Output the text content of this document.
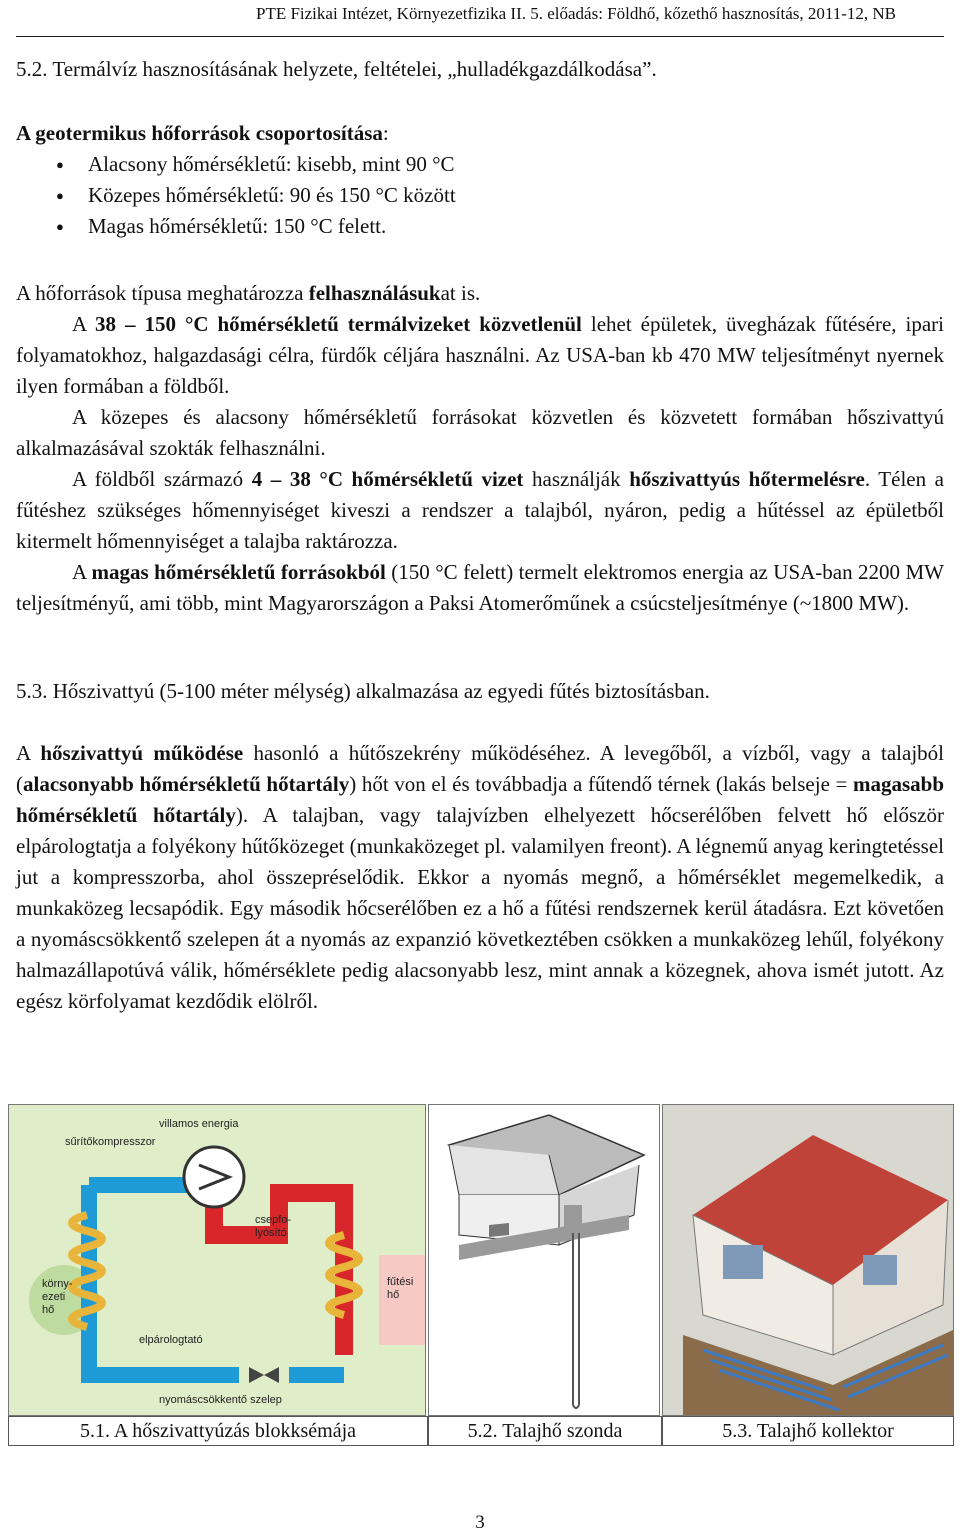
PTE Fizikai Intézet, Környezetfizika II. 5. előadás: Földhő, kőzethő hasznosítás, 2011-12, NB
5.2. Termálvíz hasznosításának helyzete, feltételei, „hulladékgazdálkodása”.
A geotermikus hőforrások csoportosítása:
● Alacsony hőmérsékletű: kisebb, mint 90 °C
● Közepes hőmérsékletű: 90 és 150 °C között
● Magas hőmérsékletű: 150 °C felett.
A hőforrások típusa meghatározza felhasználásukat is.
A 38 – 150 °C hőmérsékletű termálvizeket közvetlenül lehet épületek, üvegházak fűtésére, ipari folyamatokhoz, halgazdasági célra, fürdők céljára használni. Az USA-ban kb 470 MW teljesítményt nyernek ilyen formában a földből.
A közepes és alacsony hőmérsékletű forrásokat közvetlen és közvetett formában hőszivattyú alkalmazásával szokták felhasználni.
A földből származó 4 – 38 °C hőmérsékletű vizet használják hőszivattyús hőtermelésre. Télen a fűtéshez szükséges hőmennyiséget kiveszi a rendszer a talajból, nyáron, pedig a hűtéssel az épületből kitermelt hőmennyiséget a talajba raktározza.
A magas hőmérsékletű forrásokból (150 °C felett) termelt elektromos energia az USA-ban 2200 MW teljesítményű, ami több, mint Magyarországon a Paksi Atomerőműnek a csúcsteljesítménye (~1800 MW).
5.3. Hőszivattyú (5-100 méter mélység) alkalmazása az egyedi fűtés biztosításban.
A hőszivattyú működése hasonló a hűtőszekrény működéséhez. A levegőből, a vízből, vagy a talajból (alacsonyabb hőmérsékletű hőtartály) hőt von el és továbbadja a fűtendő térnek (lakás belseje = magasabb hőmérsékletű hőtartály). A talajban, vagy talajvízben elhelyezett hőcserélőben felvett hő először elpárologtatja a folyékony hűtőközeget (munkaközeget pl. valamilyen freont). A légnemű anyag keringtetéssel jut a kompresszorba, ahol összepréselődik. Ekkor a nyomás megnő, a hőmérséklet megemelkedik, a munkaközeg lecsapódik. Egy második hőcserélőben ez a hő a fűtési rendszernek kerül átadásra. Ezt követően a nyomáscsökkentő szelepen át a nyomás az expanzió következtében csökken a munkaközeg lehűl, folyékony halmazállapotúvá válik, hőmérséklete pedig alacsonyabb lesz, mint annak a közegnek, ahova ismét jutott. Az egész körfolyamat kezdődik elölről.
villamos energia
sűrítőkompresszor
csepfo-
lyósító
körny-
ezeti
hő
fűtési
hő
elpárologtató
nyomáscsökkentő szelep
5.1. A hőszivattyúzás blokksémája	5.2. Talajhő szonda	5.3. Talajhő kollektor
3
